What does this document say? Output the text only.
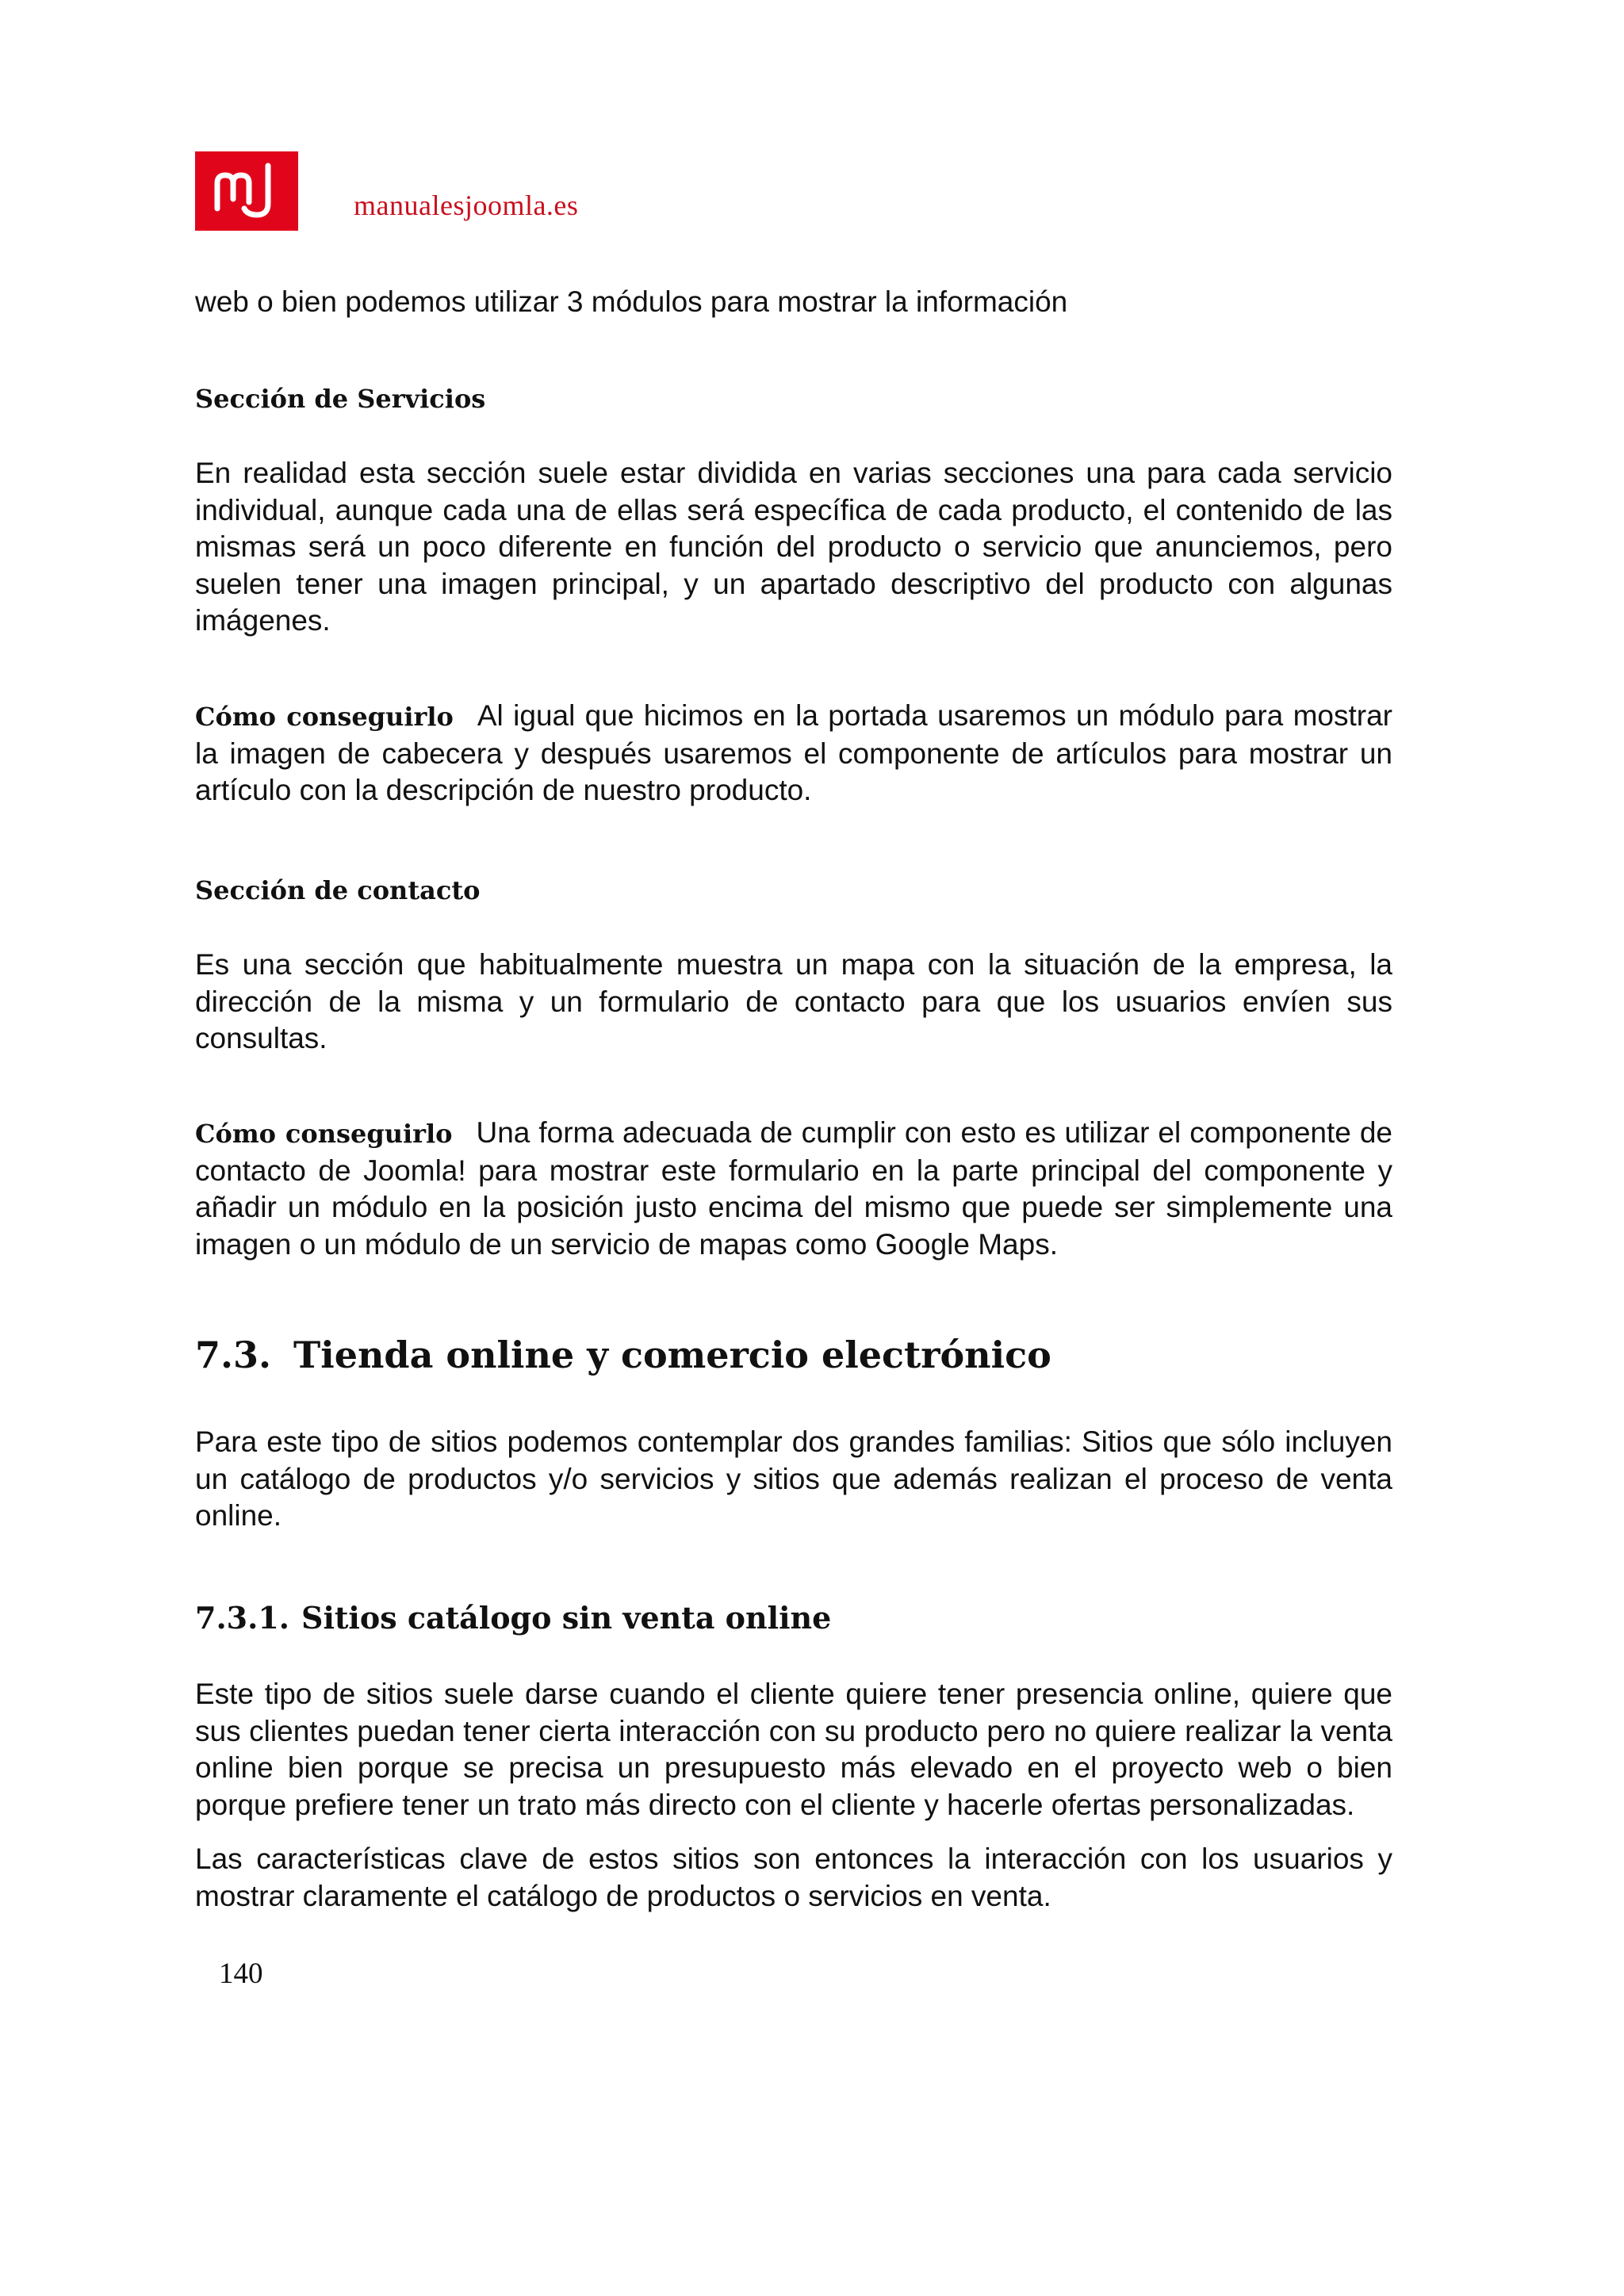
manualesjoomla.es

web o bien podemos utilizar 3 módulos para mostrar la información

Sección de Servicios

En realidad esta sección suele estar dividida en varias secciones una para cada servicio individual, aunque cada una de ellas será específica de cada producto, el contenido de las mismas será un poco diferente en función del producto o servicio que anunciemos, pero suelen tener una imagen principal, y un apartado descriptivo del producto con algunas imágenes.

Cómo conseguirlo Al igual que hicimos en la portada usaremos un módulo para mostrar la imagen de cabecera y después usaremos el componente de artículos para mostrar un artículo con la descripción de nuestro producto.

Sección de contacto

Es una sección que habitualmente muestra un mapa con la situación de la empresa, la dirección de la misma y un formulario de contacto para que los usuarios envíen sus consultas.

Cómo conseguirlo Una forma adecuada de cumplir con esto es utilizar el componente de contacto de Joomla! para mostrar este formulario en la parte principal del componente y añadir un módulo en la posición justo encima del mismo que puede ser simplemente una imagen o un módulo de un servicio de mapas como Google Maps.

7.3. Tienda online y comercio electrónico

Para este tipo de sitios podemos contemplar dos grandes familias: Sitios que sólo incluyen un catálogo de productos y/o servicios y sitios que además realizan el proceso de venta online.

7.3.1. Sitios catálogo sin venta online

Este tipo de sitios suele darse cuando el cliente quiere tener presencia online, quiere que sus clientes puedan tener cierta interacción con su producto pero no quiere realizar la venta online bien porque se precisa un presupuesto más elevado en el proyecto web o bien porque prefiere tener un trato más directo con el cliente y hacerle ofertas personalizadas.

Las características clave de estos sitios son entonces la interacción con los usuarios y mostrar claramente el catálogo de productos o servicios en venta.

140
